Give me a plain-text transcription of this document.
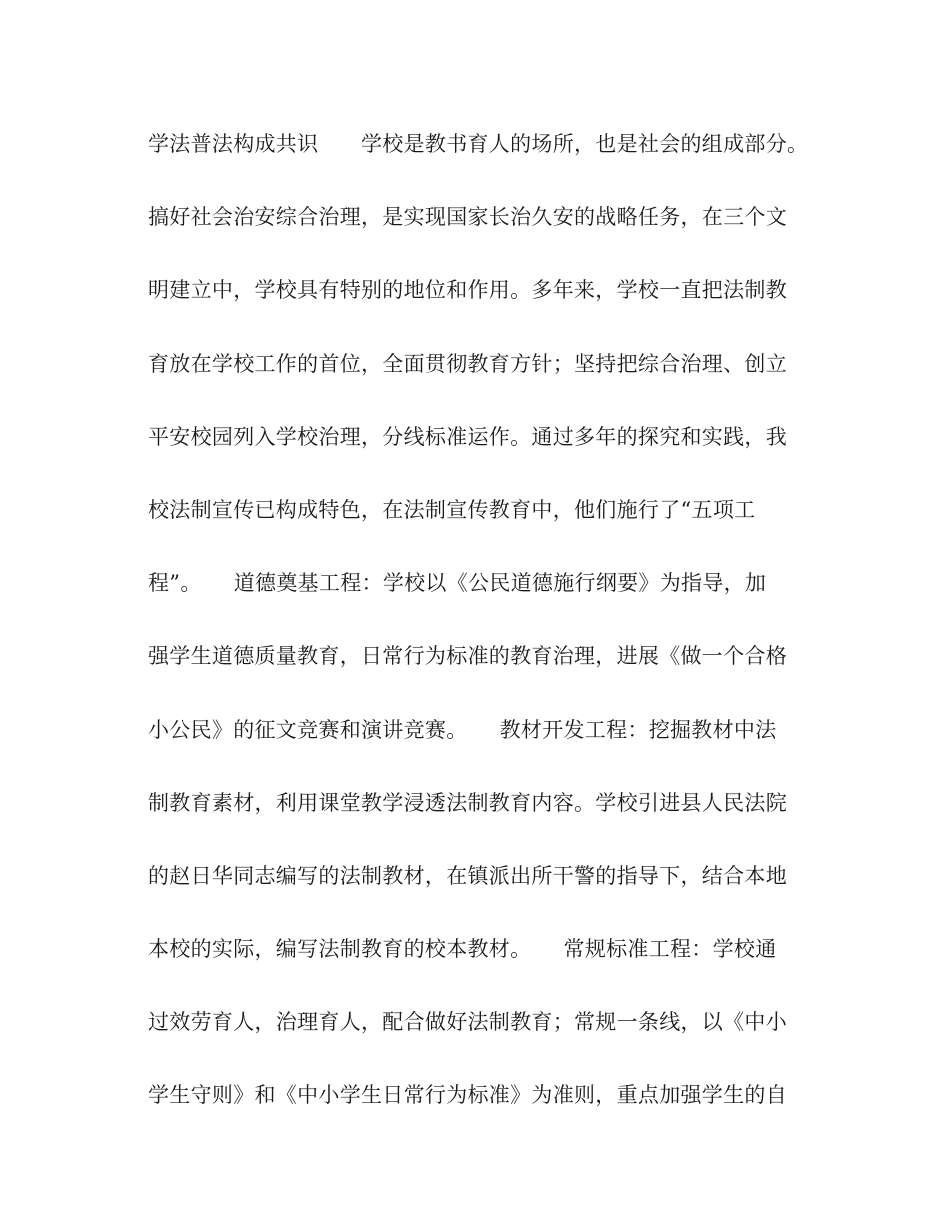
学法普法构成共识　　学校是教书育人的场所，也是社会的组成部分。
搞好社会治安综合治理，是实现国家长治久安的战略任务，在三个文
明建立中，学校具有特别的地位和作用。多年来，学校一直把法制教
育放在学校工作的首位，全面贯彻教育方针；坚持把综合治理、创立
平安校园列入学校治理，分线标准运作。通过多年的探究和实践，我
校法制宣传已构成特色，在法制宣传教育中，他们施行了“五项工
程”。　　道德奠基工程：学校以《公民道德施行纲要》为指导，加
强学生道德质量教育，日常行为标准的教育治理，进展《做一个合格
小公民》的征文竞赛和演讲竞赛。　　教材开发工程：挖掘教材中法
制教育素材，利用课堂教学浸透法制教育内容。学校引进县人民法院
的赵日华同志编写的法制教材，在镇派出所干警的指导下，结合本地
本校的实际，编写法制教育的校本教材。　　常规标准工程：学校通
过效劳育人，治理育人，配合做好法制教育；常规一条线，以《中小
学生守则》和《中小学生日常行为标准》为准则，重点加强学生的自
